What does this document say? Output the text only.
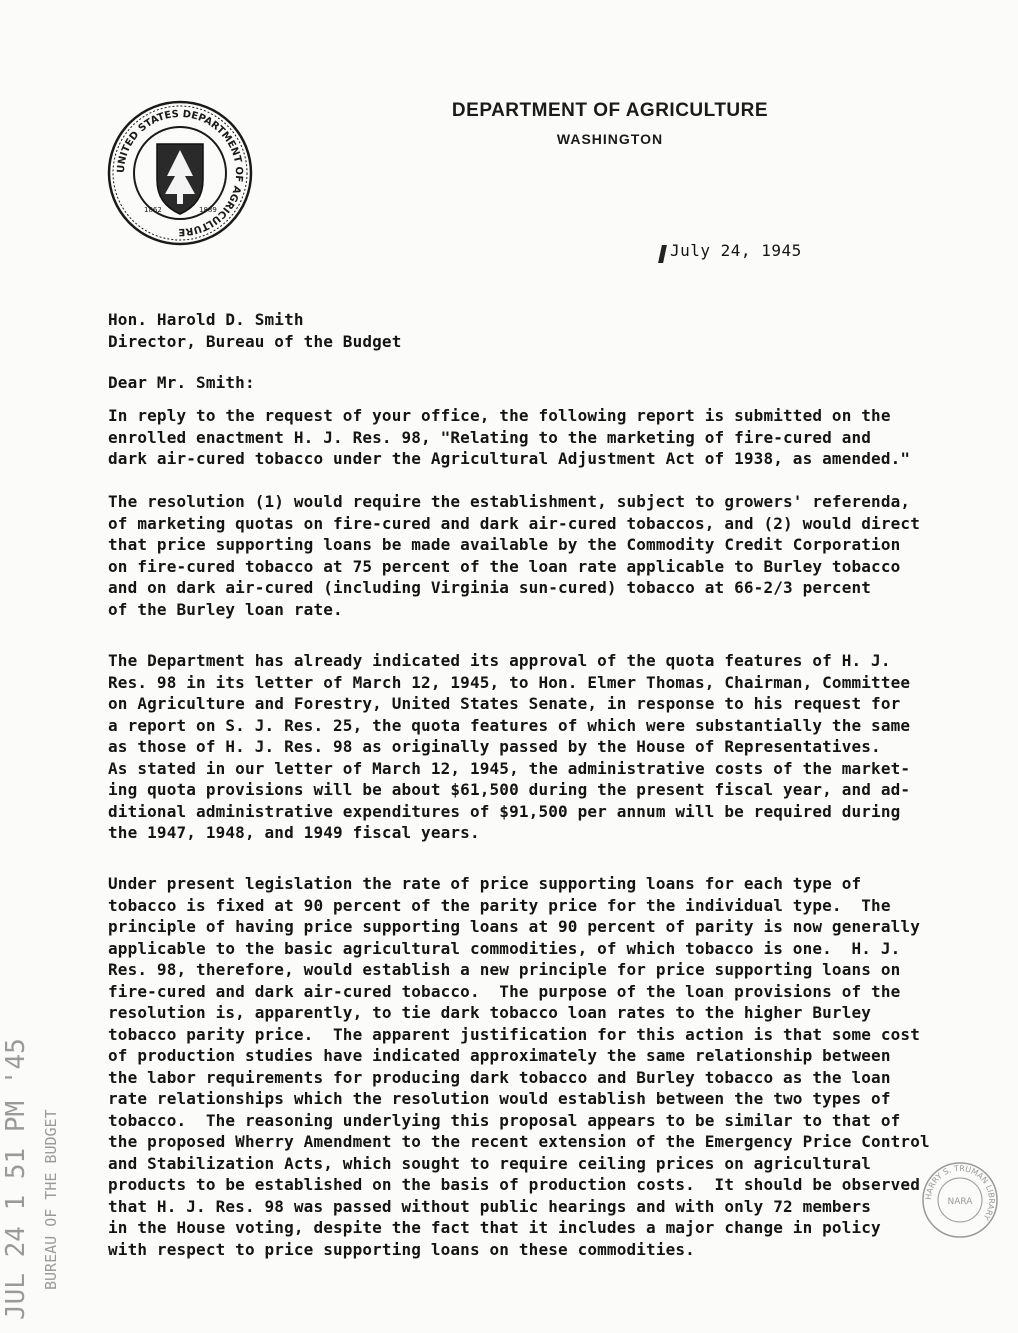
UNITED STATES DEPARTMENT OF AGRICULTURE
1862	1889
DEPARTMENT OF AGRICULTURE
WASHINGTON
July 24, 1945
Hon. Harold D. Smith
Director, Bureau of the Budget
Dear Mr. Smith:
In reply to the request of your office, the following report is submitted on the
enrolled enactment H. J. Res. 98, "Relating to the marketing of fire-cured and
dark air-cured tobacco under the Agricultural Adjustment Act of 1938, as amended."
The resolution (1) would require the establishment, subject to growers' referenda,
of marketing quotas on fire-cured and dark air-cured tobaccos, and (2) would direct
that price supporting loans be made available by the Commodity Credit Corporation
on fire-cured tobacco at 75 percent of the loan rate applicable to Burley tobacco
and on dark air-cured (including Virginia sun-cured) tobacco at 66-2/3 percent
of the Burley loan rate.
The Department has already indicated its approval of the quota features of H. J.
Res. 98 in its letter of March 12, 1945, to Hon. Elmer Thomas, Chairman, Committee
on Agriculture and Forestry, United States Senate, in response to his request for
a report on S. J. Res. 25, the quota features of which were substantially the same
as those of H. J. Res. 98 as originally passed by the House of Representatives.
As stated in our letter of March 12, 1945, the administrative costs of the market-
ing quota provisions will be about $61,500 during the present fiscal year, and ad-
ditional administrative expenditures of $91,500 per annum will be required during
the 1947, 1948, and 1949 fiscal years.
Under present legislation the rate of price supporting loans for each type of
tobacco is fixed at 90 percent of the parity price for the individual type.  The
principle of having price supporting loans at 90 percent of parity is now generally
applicable to the basic agricultural commodities, of which tobacco is one.  H. J.
Res. 98, therefore, would establish a new principle for price supporting loans on
fire-cured and dark air-cured tobacco.  The purpose of the loan provisions of the
resolution is, apparently, to tie dark tobacco loan rates to the higher Burley
tobacco parity price.  The apparent justification for this action is that some cost
of production studies have indicated approximately the same relationship between
the labor requirements for producing dark tobacco and Burley tobacco as the loan
rate relationships which the resolution would establish between the two types of
tobacco.  The reasoning underlying this proposal appears to be similar to that of
the proposed Wherry Amendment to the recent extension of the Emergency Price Control
and Stabilization Acts, which sought to require ceiling prices on agricultural
products to be established on the basis of production costs.  It should be observed
that H. J. Res. 98 was passed without public hearings and with only 72 members
in the House voting, despite the fact that it includes a major change in policy
with respect to price supporting loans on these commodities.
JUL 24 1 51 PM '45 BUREAU OF THE BUDGET	HARRY S. TRUMAN LIBRARY
NARA
